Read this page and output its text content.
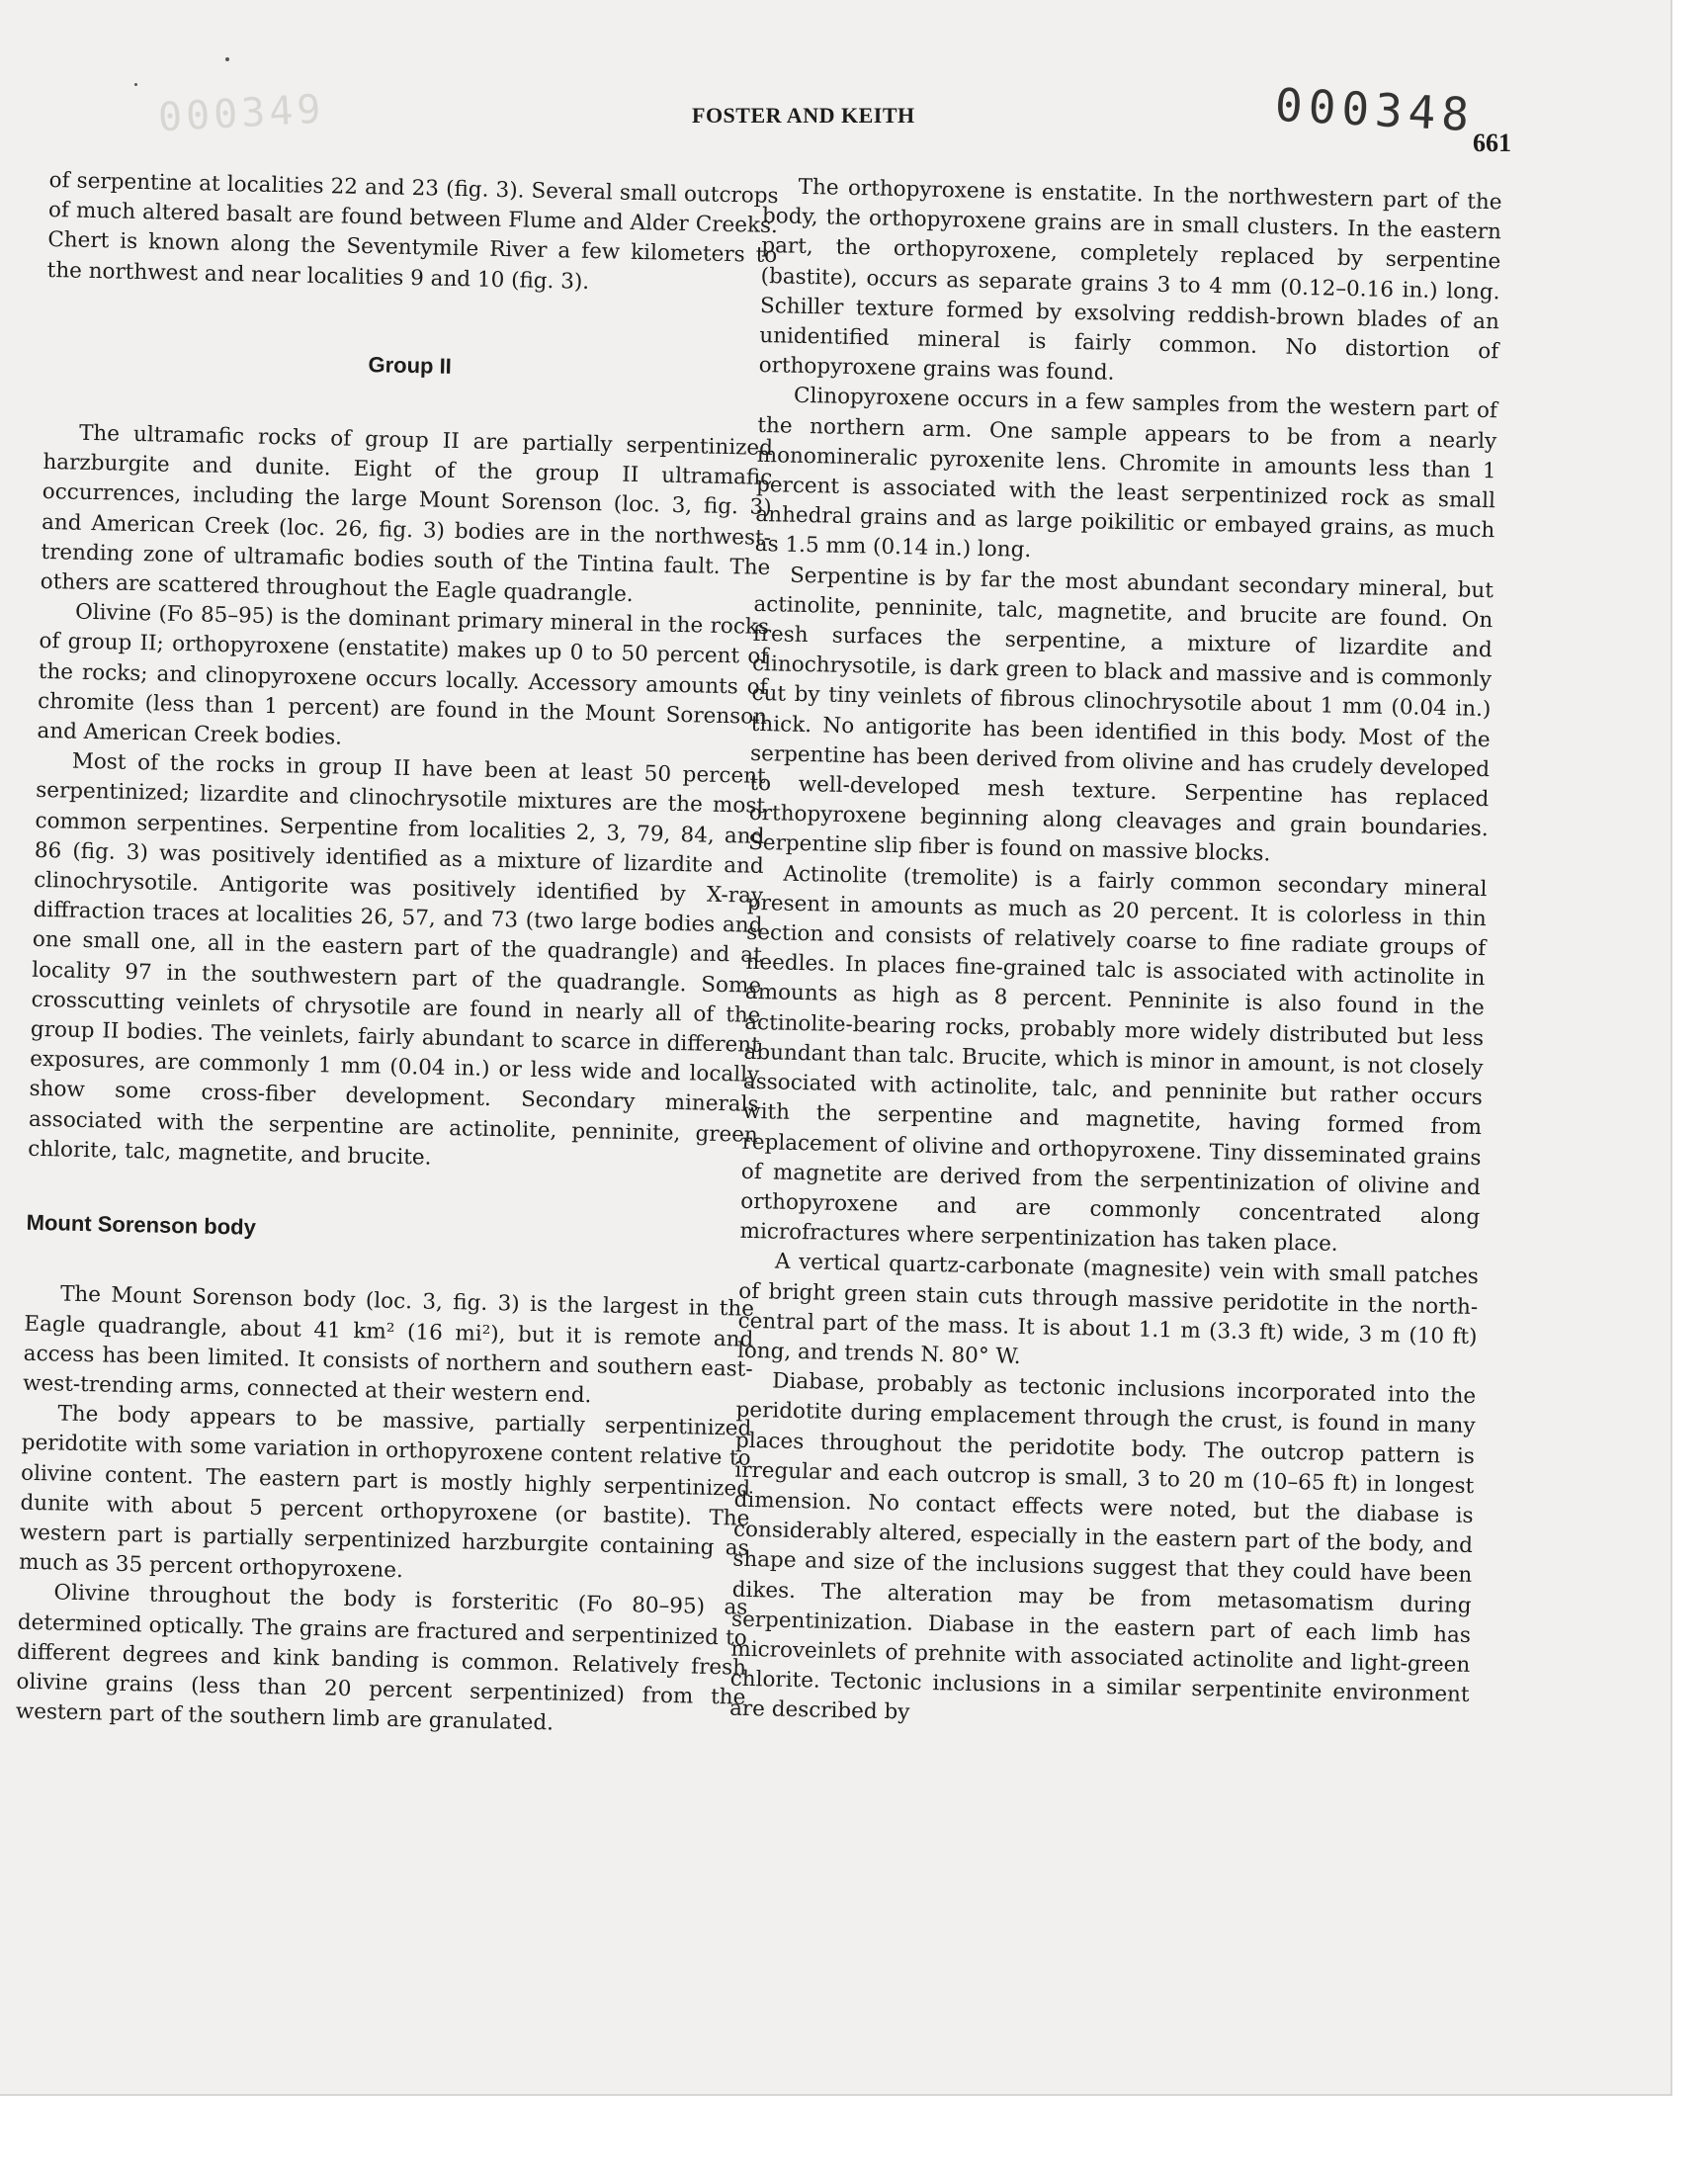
000349	FOSTER AND KEITH	000348
661

of serpentine at localities 22 and 23 (fig. 3). Several small outcrops of much altered basalt are found between Flume and Alder Creeks. Chert is known along the Seventymile River a few kilometers to the northwest and near localities 9 and 10 (fig. 3).

Group II

The ultramafic rocks of group II are partially serpentinized harzburgite and dunite. Eight of the group II ultramafic occurrences, including the large Mount Sorenson (loc. 3, fig. 3) and American Creek (loc. 26, fig. 3) bodies are in the northwest-trending zone of ultramafic bodies south of the Tintina fault. The others are scattered throughout the Eagle quadrangle.

Olivine (Fo 85–95) is the dominant primary mineral in the rocks of group II; orthopyroxene (enstatite) makes up 0 to 50 percent of the rocks; and clinopyroxene occurs locally. Accessory amounts of chromite (less than 1 percent) are found in the Mount Sorenson and American Creek bodies.

Most of the rocks in group II have been at least 50 percent serpentinized; lizardite and clinochrysotile mixtures are the most common serpentines. Serpentine from localities 2, 3, 79, 84, and 86 (fig. 3) was positively identified as a mixture of lizardite and clinochrysotile. Antigorite was positively identified by X-ray diffraction traces at localities 26, 57, and 73 (two large bodies and one small one, all in the eastern part of the quadrangle) and at locality 97 in the southwestern part of the quadrangle. Some crosscutting veinlets of chrysotile are found in nearly all of the group II bodies. The veinlets, fairly abundant to scarce in different exposures, are commonly 1 mm (0.04 in.) or less wide and locally show some cross-fiber development. Secondary minerals associated with the serpentine are actinolite, penninite, green chlorite, talc, magnetite, and brucite.

Mount Sorenson body

The Mount Sorenson body (loc. 3, fig. 3) is the largest in the Eagle quadrangle, about 41 km² (16 mi²), but it is remote and access has been limited. It consists of northern and southern east-west-trending arms, connected at their western end.

The body appears to be massive, partially serpentinized peridotite with some variation in orthopyroxene content relative to olivine content. The eastern part is mostly highly serpentinized dunite with about 5 percent orthopyroxene (or bastite). The western part is partially serpentinized harzburgite containing as much as 35 percent orthopyroxene.

Olivine throughout the body is forsteritic (Fo 80–95) as determined optically. The grains are fractured and serpentinized to different degrees and kink banding is common. Relatively fresh olivine grains (less than 20 percent serpentinized) from the western part of the southern limb are granulated.

The orthopyroxene is enstatite. In the northwestern part of the body, the orthopyroxene grains are in small clusters. In the eastern part, the orthopyroxene, completely replaced by serpentine (bastite), occurs as separate grains 3 to 4 mm (0.12–0.16 in.) long. Schiller texture formed by exsolving reddish-brown blades of an unidentified mineral is fairly common. No distortion of orthopyroxene grains was found.

Clinopyroxene occurs in a few samples from the western part of the northern arm. One sample appears to be from a nearly monomineralic pyroxenite lens. Chromite in amounts less than 1 percent is associated with the least serpentinized rock as small anhedral grains and as large poikilitic or embayed grains, as much as 1.5 mm (0.14 in.) long.

Serpentine is by far the most abundant secondary mineral, but actinolite, penninite, talc, magnetite, and brucite are found. On fresh surfaces the serpentine, a mixture of lizardite and clinochrysotile, is dark green to black and massive and is commonly cut by tiny veinlets of fibrous clinochrysotile about 1 mm (0.04 in.) thick. No antigorite has been identified in this body. Most of the serpentine has been derived from olivine and has crudely developed to well-developed mesh texture. Serpentine has replaced orthopyroxene beginning along cleavages and grain boundaries. Serpentine slip fiber is found on massive blocks.

Actinolite (tremolite) is a fairly common secondary mineral present in amounts as much as 20 percent. It is colorless in thin section and consists of relatively coarse to fine radiate groups of needles. In places fine-grained talc is associated with actinolite in amounts as high as 8 percent. Penninite is also found in the actinolite-bearing rocks, probably more widely distributed but less abundant than talc. Brucite, which is minor in amount, is not closely associated with actinolite, talc, and penninite but rather occurs with the serpentine and magnetite, having formed from replacement of olivine and orthopyroxene. Tiny disseminated grains of magnetite are derived from the serpentinization of olivine and orthopyroxene and are commonly concentrated along microfractures where serpentinization has taken place.

A vertical quartz-carbonate (magnesite) vein with small patches of bright green stain cuts through massive peridotite in the north-central part of the mass. It is about 1.1 m (3.3 ft) wide, 3 m (10 ft) long, and trends N. 80° W.

Diabase, probably as tectonic inclusions incorporated into the peridotite during emplacement through the crust, is found in many places throughout the peridotite body. The outcrop pattern is irregular and each outcrop is small, 3 to 20 m (10–65 ft) in longest dimension. No contact effects were noted, but the diabase is considerably altered, especially in the eastern part of the body, and shape and size of the inclusions suggest that they could have been dikes. The alteration may be from metasomatism during serpentinization. Diabase in the eastern part of each limb has microveinlets of prehnite with associated actinolite and light-green chlorite. Tectonic inclusions in a similar serpentinite environment are described by
